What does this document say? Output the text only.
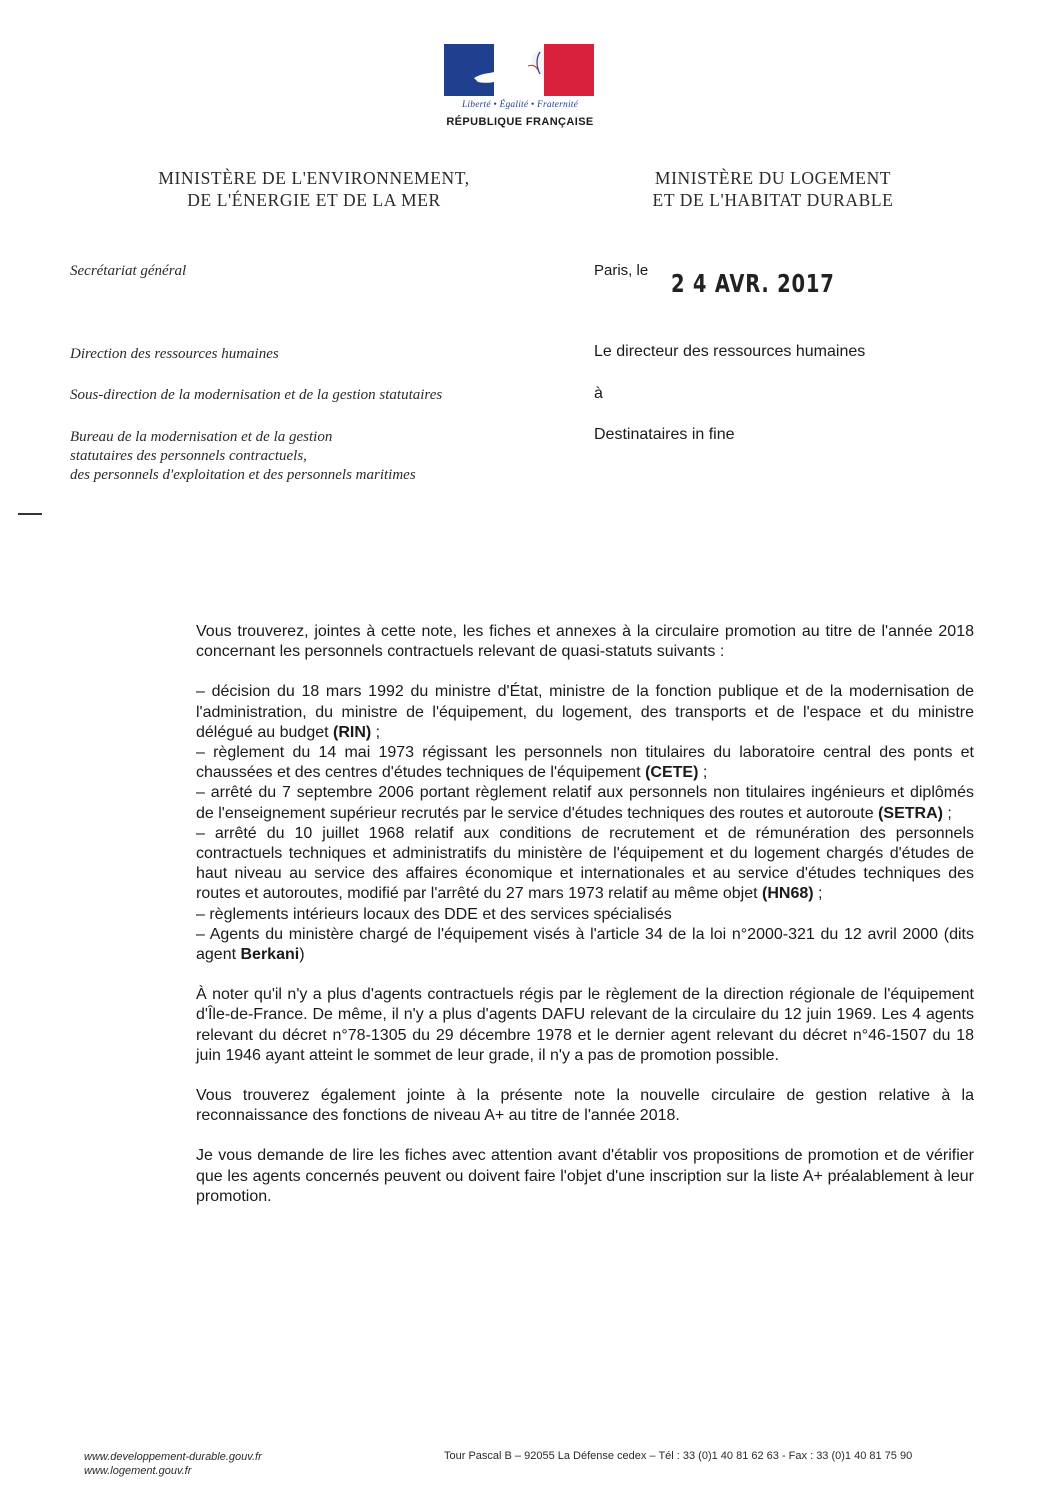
Liberté • Égalité • Fraternité
RÉPUBLIQUE FRANÇAISE
MINISTÈRE DE L'ENVIRONNEMENT,
DE L'ÉNERGIE ET DE LA MER
MINISTÈRE DU LOGEMENT
ET DE L'HABITAT DURABLE
Secrétariat général
Direction des ressources humaines
Sous-direction de la modernisation et de la gestion statutaires
Bureau de la modernisation et de la gestion
statutaires des personnels contractuels,
des personnels d'exploitation et des personnels maritimes
Paris, le 2 4 AVR. 2017
Le directeur des ressources humaines
à
Destinataires in fine

Vous trouverez, jointes à cette note, les fiches et annexes à la circulaire promotion au titre de l'année 2018 concernant les personnels contractuels relevant de quasi-statuts suivants :

– décision du 18 mars 1992 du ministre d'État, ministre de la fonction publique et de la modernisation de l'administration, du ministre de l'équipement, du logement, des transports et de l'espace et du ministre délégué au budget (RIN) ;
– règlement du 14 mai 1973 régissant les personnels non titulaires du laboratoire central des ponts et chaussées et des centres d'études techniques de l'équipement (CETE) ;
– arrêté du 7 septembre 2006 portant règlement relatif aux personnels non titulaires ingénieurs et diplômés de l'enseignement supérieur recrutés par le service d'études techniques des routes et autoroute (SETRA) ;
– arrêté du 10 juillet 1968 relatif aux conditions de recrutement et de rémunération des personnels contractuels techniques et administratifs du ministère de l'équipement et du logement chargés d'études de haut niveau au service des affaires économique et internationales et au service d'études techniques des routes et autoroutes, modifié par l'arrêté du 27 mars 1973 relatif au même objet (HN68) ;
– règlements intérieurs locaux des DDE et des services spécialisés
– Agents du ministère chargé de l'équipement visés à l'article 34 de la loi n°2000-321 du 12 avril 2000 (dits agent Berkani)

À noter qu'il n'y a plus d'agents contractuels régis par le règlement de la direction régionale de l'équipement d'Île-de-France. De même, il n'y a plus d'agents DAFU relevant de la circulaire du 12 juin 1969. Les 4 agents relevant du décret n°78-1305 du 29 décembre 1978 et le dernier agent relevant du décret n°46-1507 du 18 juin 1946 ayant atteint le sommet de leur grade, il n'y a pas de promotion possible.

Vous trouverez également jointe à la présente note la nouvelle circulaire de gestion relative à la reconnaissance des fonctions de niveau A+ au titre de l'année 2018.

Je vous demande de lire les fiches avec attention avant d'établir vos propositions de promotion et de vérifier que les agents concernés peuvent ou doivent faire l'objet d'une inscription sur la liste A+ préalablement à leur promotion.

www.developpement-durable.gouv.fr
www.logement.gouv.fr
Tour Pascal B – 92055 La Défense cedex – Tél : 33 (0)1 40 81 62 63 - Fax : 33 (0)1 40 81 75 90
